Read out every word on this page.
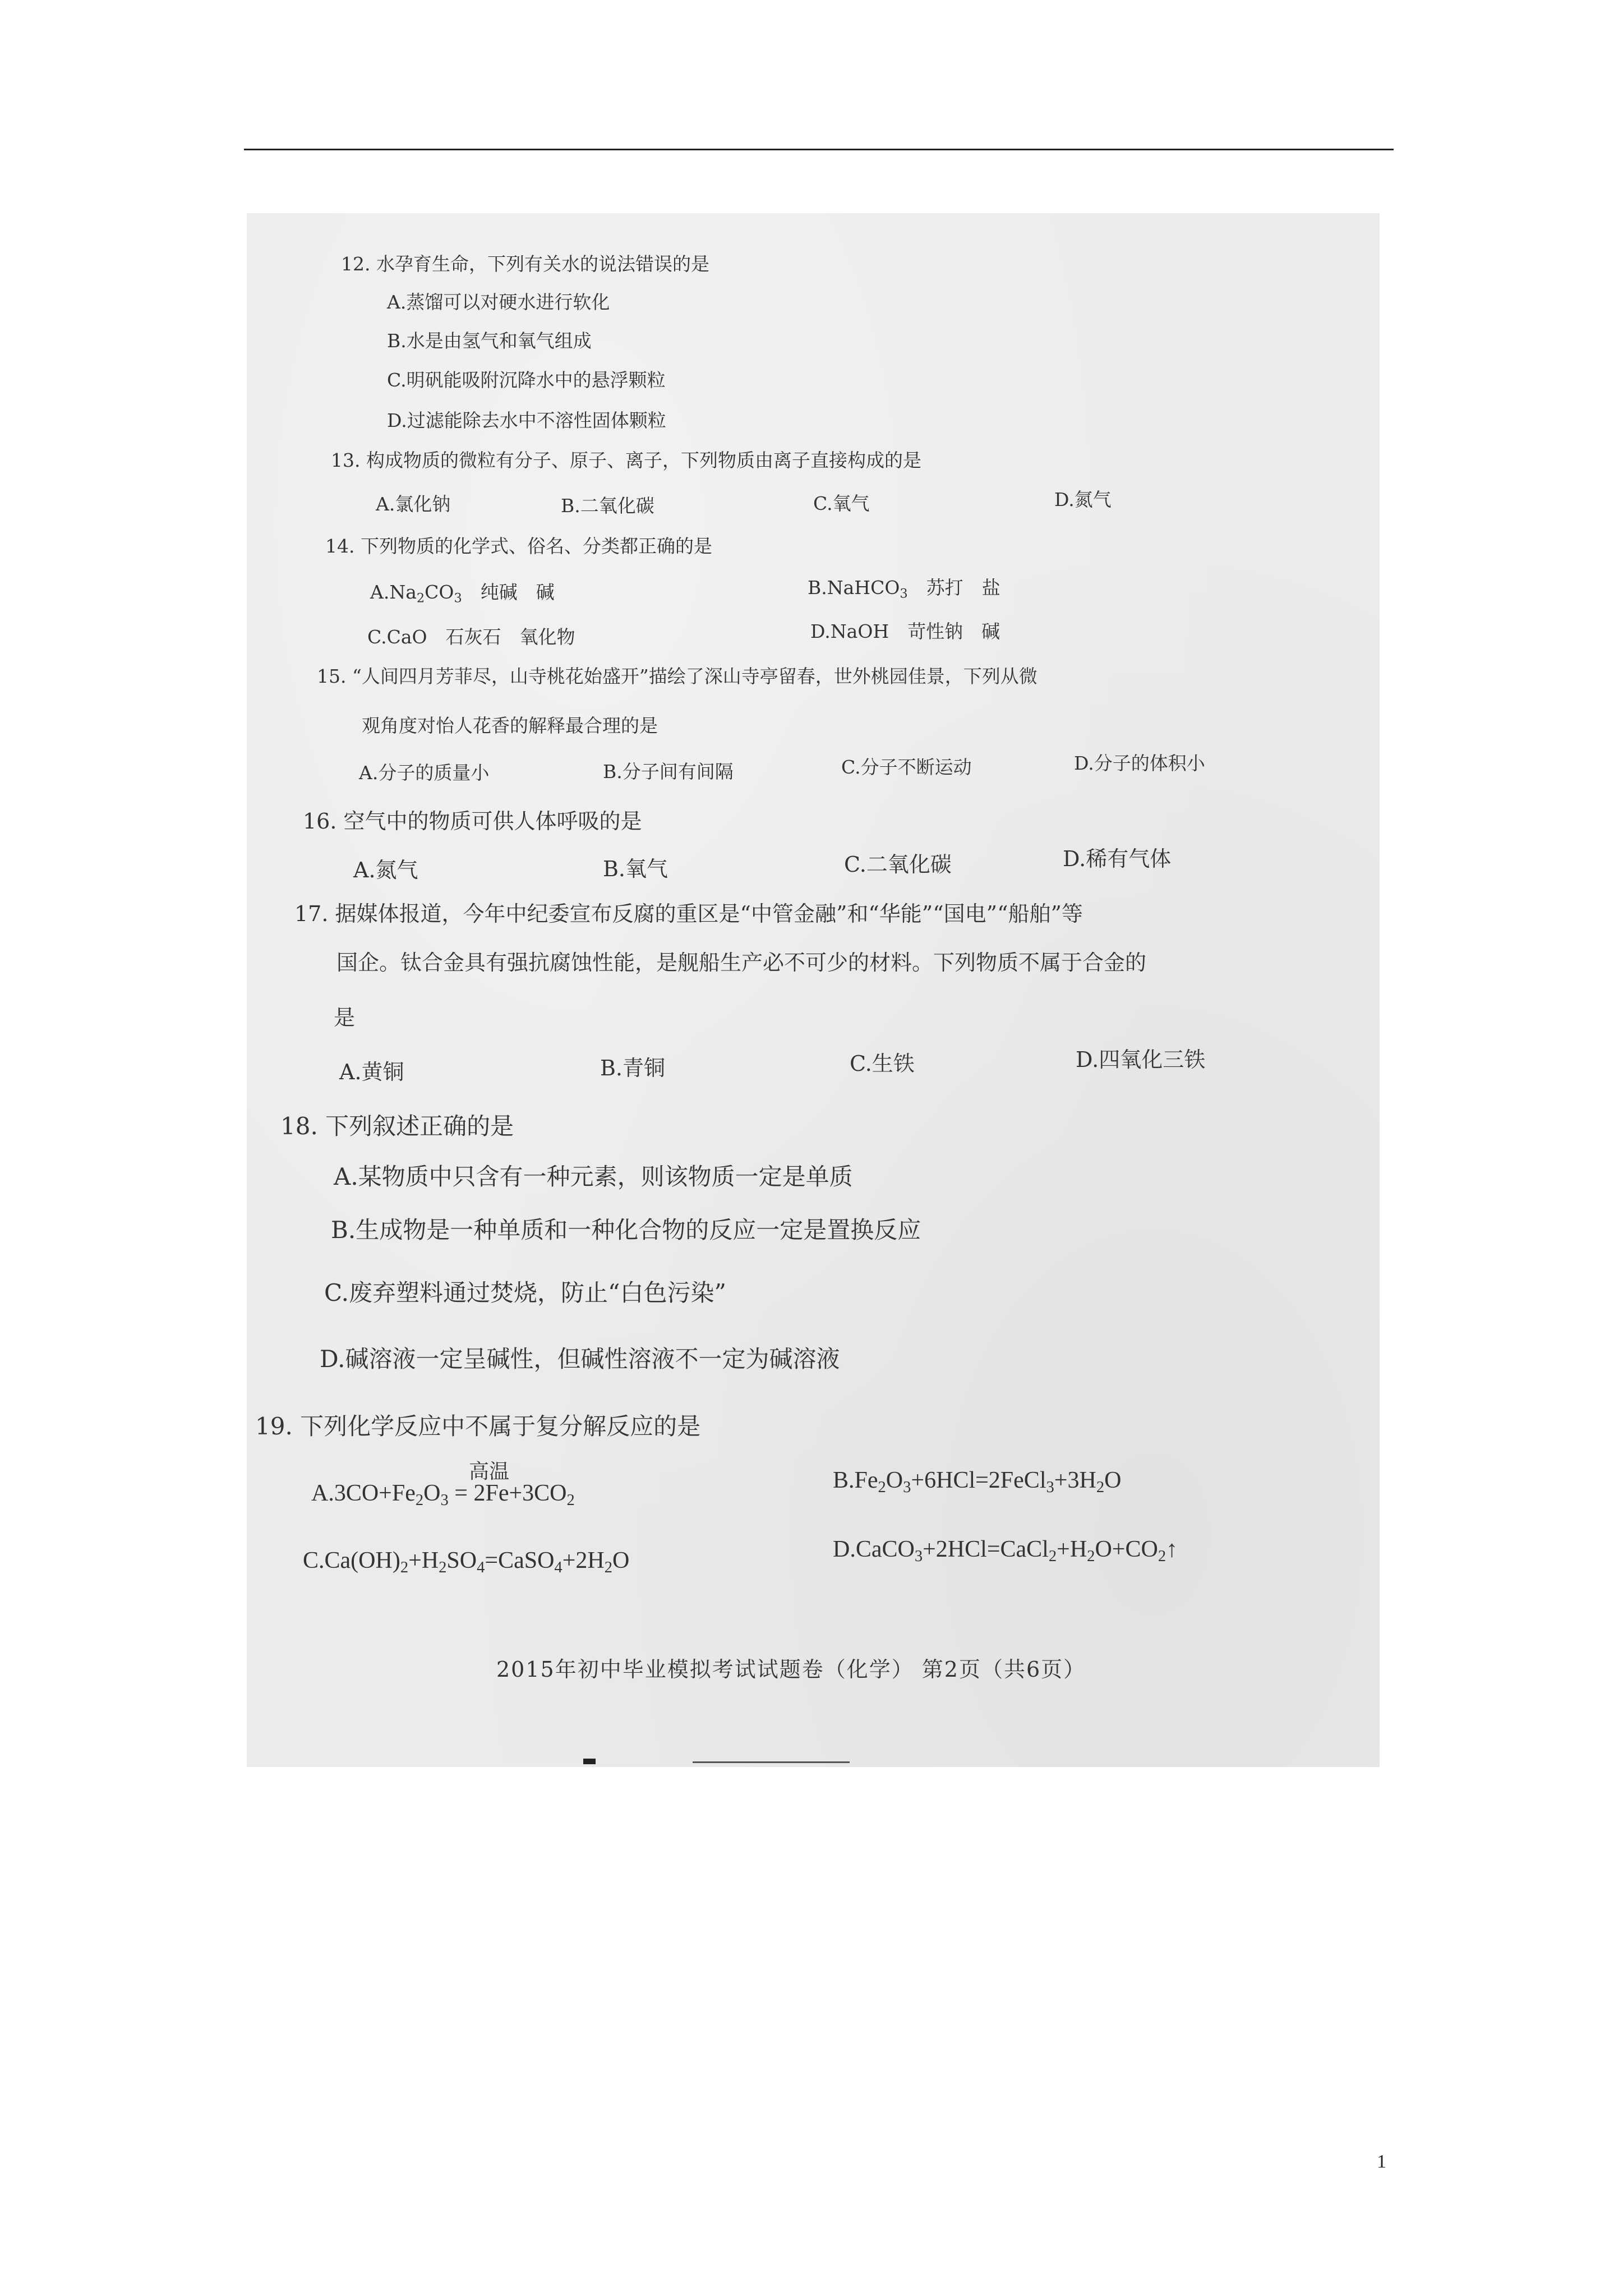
12. 水孕育生命，下列有关水的说法错误的是
A.蒸馏可以对硬水进行软化
B.水是由氢气和氧气组成
C.明矾能吸附沉降水中的悬浮颗粒
D.过滤能除去水中不溶性固体颗粒
13. 构成物质的微粒有分子、原子、离子，下列物质由离子直接构成的是
A.氯化钠	B.二氧化碳	C.氧气	D.氮气
14. 下列物质的化学式、俗名、分类都正确的是
$A.Na_2CO_3$　纯碱　碱	B.NaHCO$_3$　苏打　盐
C.CaO　石灰石　氧化物	D.NaOH　苛性钠　碱
15. “人间四月芳菲尽，山寺桃花始盛开”描绘了深山寺亭留春，世外桃园佳景，下列从微
观角度对怡人花香的解释最合理的是
A.分子的质量小	B.分子间有间隔	C.分子不断运动	D.分子的体积小
16. 空气中的物质可供人体呼吸的是
A.氮气	B.氧气	C.二氧化碳	D.稀有气体
17. 据媒体报道，今年中纪委宣布反腐的重区是“中管金融”和“华能”“国电”“船舶”等
国企。钛合金具有强抗腐蚀性能，是舰船生产必不可少的材料。下列物质不属于合金的
是
A.黄铜	B.青铜	C.生铁	D.四氧化三铁
18. 下列叙述正确的是
A.某物质中只含有一种元素，则该物质一定是单质
B.生成物是一种单质和一种化合物的反应一定是置换反应
C.废弃塑料通过焚烧，防止“白色污染”
D.碱溶液一定呈碱性，但碱性溶液不一定为碱溶液
19. 下列化学反应中不属于复分解反应的是
高温
$A.3CO+Fe_2O_3 = 2Fe+3CO_2$
$B.Fe_2O_3+6HCl=2FeCl_3+3H_2O$
$C.Ca(OH)_2+H_2SO_4=CaSO_4+2H_2O$	$D.CaCO_3+2HCl=CaCl_2+H_2O+CO_2↑$
2015年初中毕业模拟考试试题卷（化学） 第2页（共6页）
1
